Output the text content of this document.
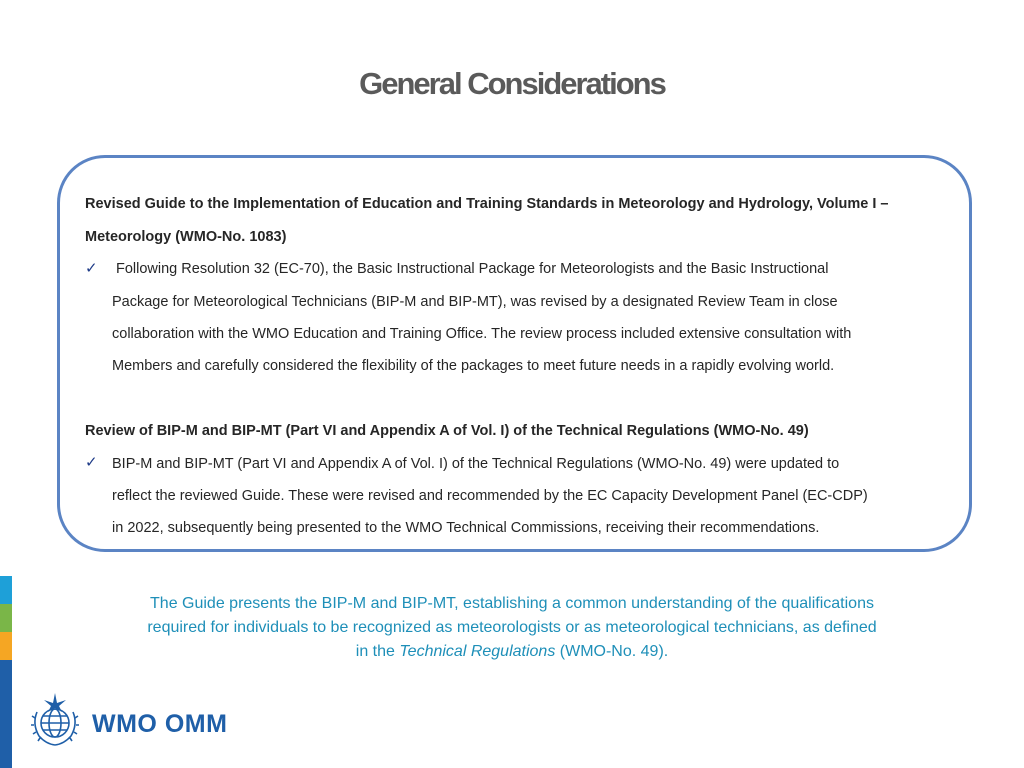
General Considerations
Revised Guide to the Implementation of Education and Training Standards in Meteorology and Hydrology, Volume I –
Meteorology (WMO-No. 1083)
✓ Following Resolution 32 (EC-70), the Basic Instructional Package for Meteorologists and the Basic Instructional
Package for Meteorological Technicians (BIP-M and BIP-MT), was revised by a designated Review Team in close
collaboration with the WMO Education and Training Office. The review process included extensive consultation with
Members and carefully considered the flexibility of the packages to meet future needs in a rapidly evolving world.
Review of BIP-M and BIP-MT (Part VI and Appendix A of Vol. I) of the Technical Regulations (WMO-No. 49)
✓ BIP-M and BIP-MT (Part VI and Appendix A of Vol. I) of the Technical Regulations (WMO-No. 49) were updated to
reflect the reviewed Guide. These were revised and recommended by the EC Capacity Development Panel (EC-CDP)
in 2022, subsequently being presented to the WMO Technical Commissions, receiving their recommendations.
The Guide presents the BIP-M and BIP-MT, establishing a common understanding of the qualifications
required for individuals to be recognized as meteorologists or as meteorological technicians, as defined
in the Technical Regulations (WMO-No. 49).
WMO OMM
